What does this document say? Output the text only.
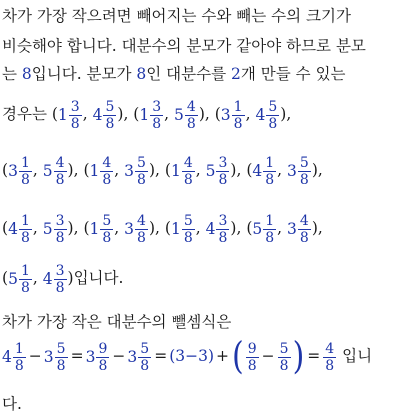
차가 가장 작으려면 빼어지는 수와 빼는 수의 크기가
비슷해야 합니다. 대분수의 분모가 같아야 하므로 분모
는 8입니다. 분모가 8인 대분수를 2개 만들 수 있는
경우는 ( $1 \frac{3}{8}$ , $4 \frac{5}{8}$ ), ( $1 \frac{3}{8}$ , $5 \frac{4}{8}$ ), ( $3 \frac{1}{8}$ , $4 \frac{5}{8}$ ),
( $3 \frac{1}{8}$ , $5 \frac{4}{8}$ ), ( $1 \frac{4}{8}$ , $3 \frac{5}{8}$ ), ( $1 \frac{4}{8}$ , $5 \frac{3}{8}$ ), ( $4 \frac{1}{8}$ , $3 \frac{5}{8}$ ),
( $4 \frac{1}{8}$ , $5 \frac{3}{8}$ ), ( $1 \frac{5}{8}$ , $3 \frac{4}{8}$ ), ( $1 \frac{5}{8}$ , $4 \frac{3}{8}$ ), ( $5 \frac{1}{8}$ , $3 \frac{4}{8}$ ),
( $5 \frac{1}{8}$ , $4 \frac{3}{8}$ )입니다.
차가 가장 작은 대분수의 뺄셈식은
$4 \frac{1}{8} - 3 \frac{5}{8} = 3 \frac{9}{8} - 3 \frac{5}{8} = (3-3)$ + ( $\frac{9}{8} - \frac{5}{8}$ ) = $\frac{4}{8}$ 입니
다.
